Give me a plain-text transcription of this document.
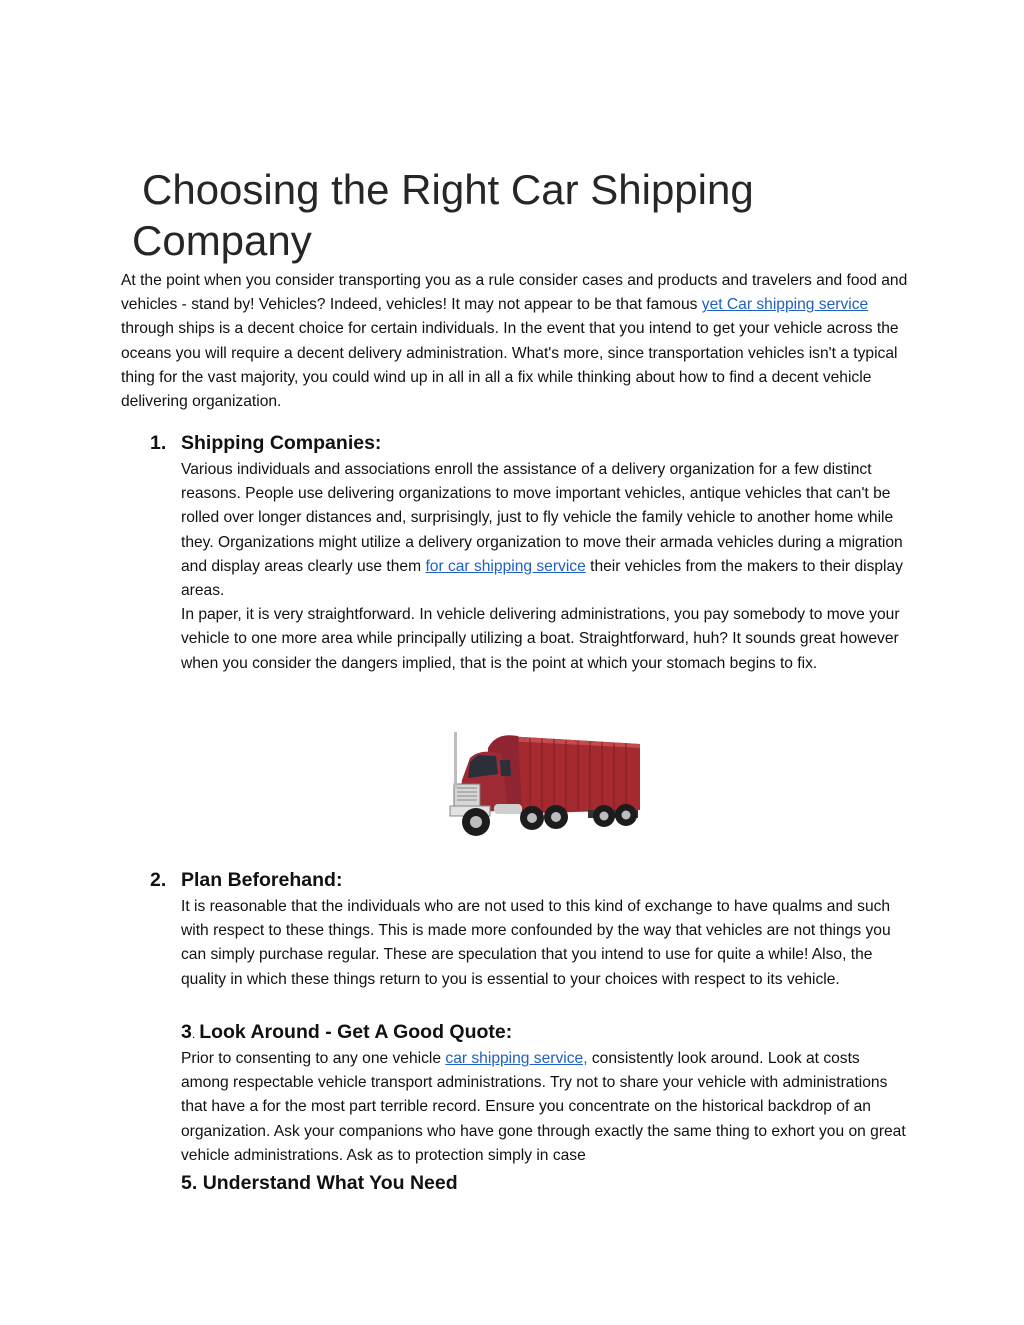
Choosing the Right Car Shipping
Company

At the point when you consider transporting you as a rule consider cases and products and travelers and food and vehicles - stand by! Vehicles? Indeed, vehicles! It may not appear to be that famous yet Car shipping service through ships is a decent choice for certain individuals. In the event that you intend to get your vehicle across the oceans you will require a decent delivery administration. What's more, since transportation vehicles isn't a typical thing for the vast majority, you could wind up in all in all a fix while thinking about how to find a decent vehicle delivering organization.

1. Shipping Companies:
Various individuals and associations enroll the assistance of a delivery organization for a few distinct reasons. People use delivering organizations to move important vehicles, antique vehicles that can't be rolled over longer distances and, surprisingly, just to fly vehicle the family vehicle to another home while they. Organizations might utilize a delivery organization to move their armada vehicles during a migration and display areas clearly use them for car shipping service their vehicles from the makers to their display areas.
In paper, it is very straightforward. In vehicle delivering administrations, you pay somebody to move your vehicle to one more area while principally utilizing a boat. Straightforward, huh? It sounds great however when you consider the dangers implied, that is the point at which your stomach begins to fix.
2. Plan Beforehand:

It is reasonable that the individuals who are not used to this kind of exchange to have qualms and such with respect to these things. This is made more confounded by the way that vehicles are not things you can simply purchase regular. These are speculation that you intend to use for quite a while! Also, the quality in which these things return to you is essential to your choices with respect to its vehicle.

3. Look Around - Get A Good Quote:

Prior to consenting to any one vehicle car shipping service, consistently look around. Look at costs among respectable vehicle transport administrations. Try not to share your vehicle with administrations that have a for the most part terrible record. Ensure you concentrate on the historical backdrop of an organization. Ask your companions who have gone through exactly the same thing to exhort you on great vehicle administrations. Ask as to protection simply in case

5. Understand What You Need
